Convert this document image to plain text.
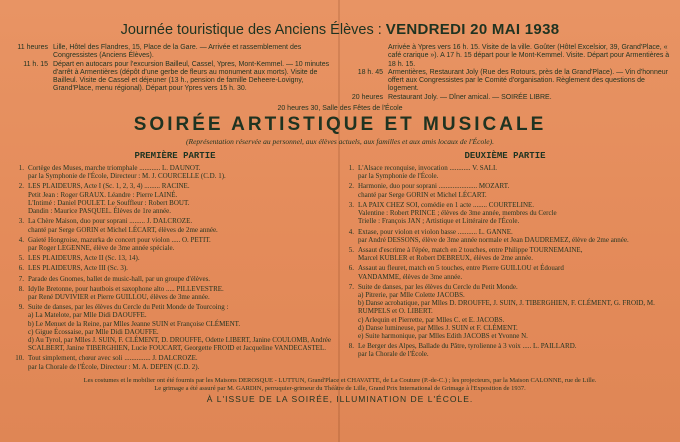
Journée touristique des Anciens Élèves : VENDREDI 20 MAI 1938
11 heures Lille, Hôtel des Flandres, 15, Place de la Gare. — Arrivée et rassemblement des Congressistes (Anciens Élèves).
11 h. 15 Départ en autocars pour l'excursion Bailleul, Cassel, Ypres, Mont-Kemmel. — 10 minutes d'arrêt à Armentières (dépôt d'une gerbe de fleurs au monument aux morts). Visite de Bailleul. Visite de Cassel et déjeuner (13 h., pension de famille Deheere-Lovigny, Grand'Place, menu régional). Départ pour Ypres vers 15 h. 30.
Arrivée à Ypres vers 16 h. 15. Visite de la ville. Goûter (Hôtel Excelsior, 39, Grand'Place, « café crarique »). A 17 h. 15 départ pour le Mont-Kemmel. Visite. Départ pour Armentières à 18 h. 15.
18 h. 45 Armentières, Restaurant Joly (Rue des Rotours, près de la Grand'Place). — Vin d'honneur offert aux Congressistes par le Comité d'organisation. Règlement des questions de logement.
20 heures Restaurant Joly. — Dîner amical. — SOIRÉE LIBRE.
20 heures 30, Salle des Fêtes de l'École
SOIRÉE ARTISTIQUE ET MUSICALE
(Représentation réservée au personnel, aux élèves actuels, aux familles et aux amis locaux de l'École).
PREMIÈRE PARTIE	DEUXIÈME PARTIE
1. Cortège des Muses, marche triomphale ............ L. DAUNOT.
par la Symphonie de l'École, Directeur : M. J. COURCELLE (C.D. 1).
2. LES PLAIDEURS, Acte I (Sc. 1, 2, 3, 4) ......... RACINE.
Petit Jean : Roger GRAUX. Léandre : Pierre LAINÉ.
L'Intimé : Daniel POULET. Le Souffleur : Robert BOUT.
Dandin : Maurice PASQUEL. Élèves de 1re année.
3. La Chère Maison, duo pour soprani ......... J. DALCROZE.
chanté par Serge GORIN et Michel LÉCART, élèves de 2me année.
4. Gaieté Hongroise, mazurka de concert pour violon ..... O. PETIT.
par Roger LEGENNE, élève de 3me année spéciale.
5. LES PLAIDEURS, Acte II (Sc. 13, 14).
6. LES PLAIDEURS, Acte III (Sc. 3).
7. Parade des Gnomes, ballet de music-hall, par un groupe d'élèves.
8. Idylle Bretonne, pour hautbois et saxophone alto ..... PILLEVESTRE.
par René DUVIVIER et Pierre GUILLOU, élèves de 3me année.
9. Suite de danses, par les élèves du Cercle du Petit Monde de Tourcoing :
a) La Matelote, par Mlle Didi DAOUFFE.
b) Le Menuet de la Reine, par Mlles Jeanne SUIN et Françoise CLÉMENT.
c) Gigue Écossaise, par Mlle Didi DAOUFFE.
d) Au Tyrol, par Mlles J. SUIN, F. CLÉMENT, D. DROUFFE, Odette LIBERT, Janine COULOMB, Andrée SCALBERT, Janine TIBERGHIEN, Lucie FOUCART, Georgette FROID et Jacqueline VANDECASTEL.
10. Tout simplement, chœur avec soli ............... J. DALCROZE.
par la Chorale de l'École, Directeur : M. A. DEPEN (C.D. 2).
1. L'Alsace reconquise, invocation ............ V. SALI.
par la Symphonie de l'École.
2. Harmonie, duo pour soprani ...................... MOZART.
chanté par Serge GORIN et Michel LÉCART.
3. LA PAIX CHEZ SOI, comédie en 1 acte ........ COURTELINE.
Valentine : Robert PRINCE ; élèves de 3me année, membres du Cercle
Trielle : François JAN ; Artistique et Littéraire de l'École.
4. Extase, pour violon et violon basse ........... L. GANNE.
par André DESSONS, élève de 3me année normale et Jean DAUDREMEZ, élève de 2me année.
5. Assaut d'escrime à l'épée, match en 2 touches, entre Philippe TOURNEMAINE,
Marcel KUBLER et Robert DEBREUX, élèves de 2me année.
6. Assaut au fleuret, match en 5 touches, entre Pierre GUILLOU et Édouard
VANDAMME, élèves de 3me année.
7. Suite de danses, par les élèves du Cercle du Petit Monde.
a) Pitrerie, par Mlle Colette JACOBS.
b) Danse acrobatique, par Mlles D. DROUFFE, J. SUIN, J. TIBERGHIEN, F. CLÉMENT, G. FROID, M. RUMPELS et O. LIBERT.
c) Arlequin et Pierrette, par Mlles C. et E. JACOBS.
d) Danse lumineuse, par Mlles J. SUIN et F. CLÉMENT.
e) Suite harmonique, par Mlles Edith JACOBS et Yvonne N.
8. Le Berger des Alpes, Ballade du Pâtre, tyrolienne à 3 voix ..... L. PAILLARD.
par la Chorale de l'École.
Les costumes et le mobilier ont été fournis par les Maisons DEROSQUE - LUTTUN, Grand'Place et CHAVATTE, de La Couture (P.-de-C.) ; les projecteurs, par la Maison CALONNE, rue de Lille.
Le grimage a été assuré par M. GARDIN, perruquier-grimeur du Théâtre de Lille, Grand Prix International de Grimage à l'Exposition de 1937.
À L'ISSUE DE LA SOIRÉE, ILLUMINATION DE L'ÉCOLE.
